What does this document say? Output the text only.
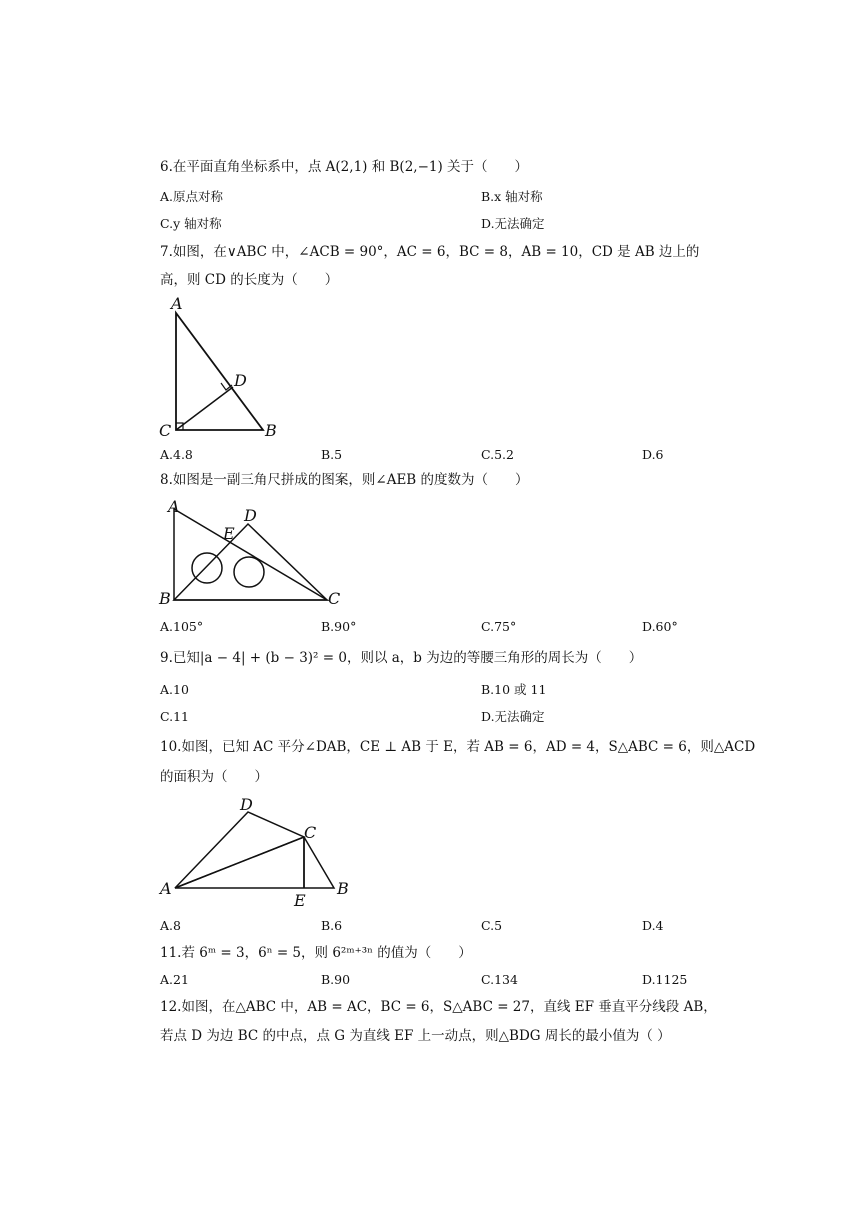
6.在平面直角坐标系中，点 A(2,1) 和 B(2,−1) 关于（　　）
A.原点对称	B.x 轴对称
C.y 轴对称	D.无法确定
7.如图，在∨ABC 中，∠ACB = 90°，AC = 6，BC = 8，AB = 10，CD 是 AB 边上的
高，则 CD 的长度为（　　）
A
B
C
D
A.4.8	B.5	C.5.2	D.6
8.如图是一副三角尺拼成的图案，则∠AEB 的度数为（　　）
A
B	C
D
E
A.105°	B.90°	C.75°	D.60°
9.已知|a − 4| + (b − 3)² = 0，则以 a，b 为边的等腰三角形的周长为（　　）
A.10	B.10 或 11
C.11	D.无法确定
10.如图，已知 AC 平分∠DAB，CE ⊥ AB 于 E，若 AB = 6，AD = 4，S△ABC = 6，则△ACD
的面积为（　　）
A	B
C
D
E
A.8	B.6	C.5	D.4
11.若 6ᵐ = 3，6ⁿ = 5，则 6²ᵐ⁺³ⁿ 的值为（　　）
A.21	B.90	C.134	D.1125
12.如图，在△ABC 中，AB = AC，BC = 6，S△ABC = 27，直线 EF 垂直平分线段 AB，
若点 D 为边 BC 的中点，点 G 为直线 EF 上一动点，则△BDG 周长的最小值为（ ）
